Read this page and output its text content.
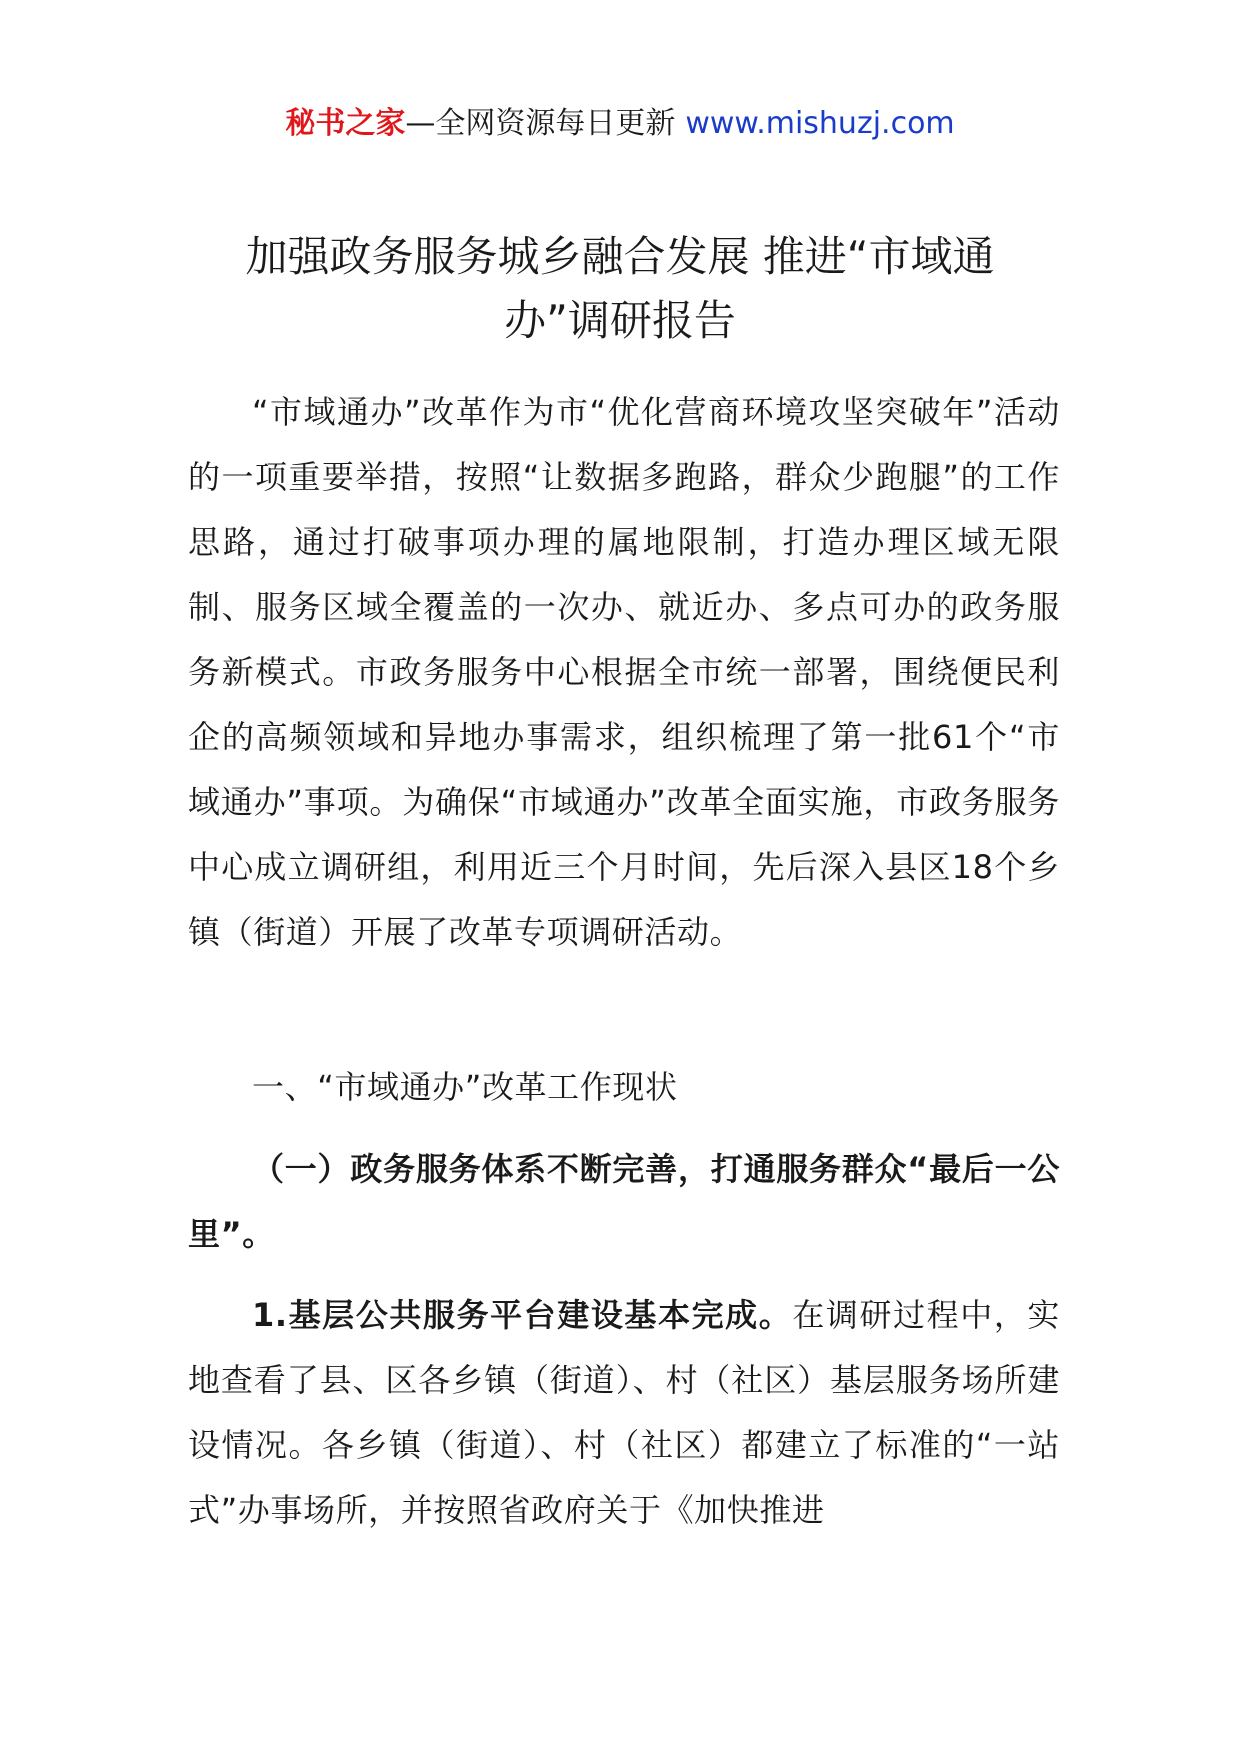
秘书之家—全网资源每日更新 www.mishuzj.com
加强政务服务城乡融合发展 推进“市域通
办”调研报告

“市域通办”改革作为市“优化营商环境攻坚突破年”活动的一项重要举措，按照“让数据多跑路，群众少跑腿”的工作思路，通过打破事项办理的属地限制，打造办理区域无限制、服务区域全覆盖的一次办、就近办、多点可办的政务服务新模式。市政务服务中心根据全市统一部署，围绕便民利企的高频领域和异地办事需求，组织梳理了第一批61个“市域通办”事项。为确保“市域通办”改革全面实施，市政务服务中心成立调研组，利用近三个月时间，先后深入县区18个乡镇（街道）开展了改革专项调研活动。

一、“市域通办”改革工作现状

（一）政务服务体系不断完善，打通服务群众“最后一公里”。

1.基层公共服务平台建设基本完成。在调研过程中，实地查看了县、区各乡镇（街道）、村（社区）基层服务场所建设情况。各乡镇（街道）、村（社区）都建立了标准的“一站式”办事场所，并按照省政府关于《加快推进
